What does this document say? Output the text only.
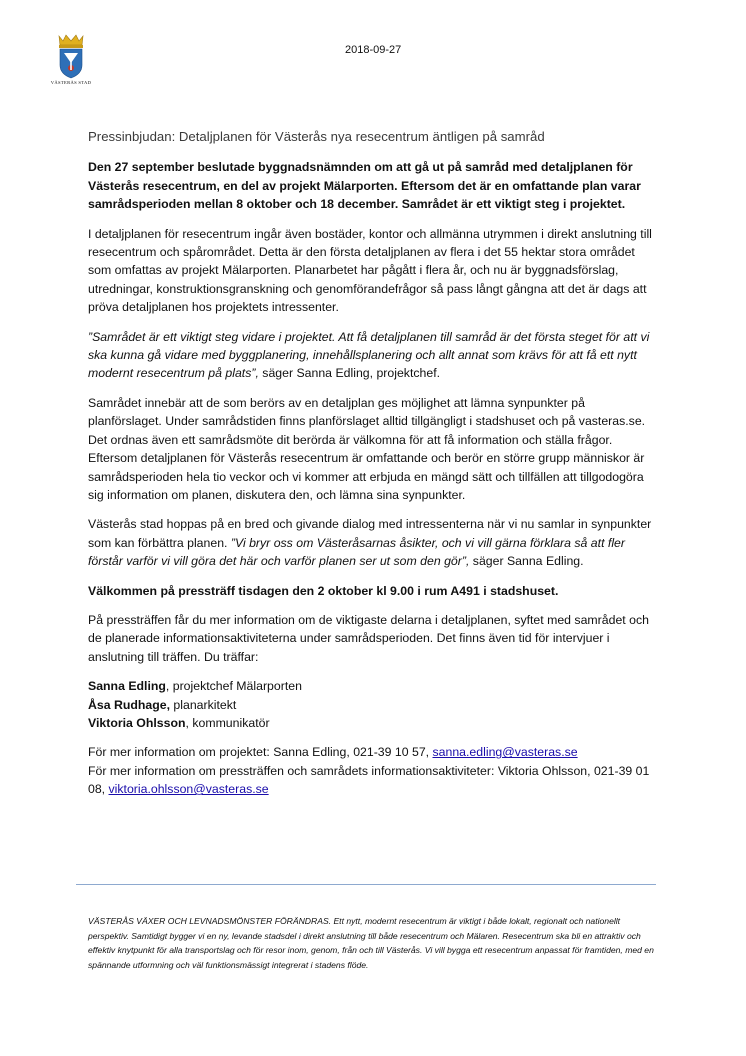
VÄSTERÅS STAD
2018-09-27

Pressinbjudan: Detaljplanen för Västerås nya resecentrum äntligen på samråd

Den 27 september beslutade byggnadsnämnden om att gå ut på samråd med detaljplanen för Västerås resecentrum, en del av projekt Mälarporten. Eftersom det är en omfattande plan varar samrådsperioden mellan 8 oktober och 18 december. Samrådet är ett viktigt steg i projektet.

I detaljplanen för resecentrum ingår även bostäder, kontor och allmänna utrymmen i direkt anslutning till resecentrum och spårområdet. Detta är den första detaljplanen av flera i det 55 hektar stora området som omfattas av projekt Mälarporten. Planarbetet har pågått i flera år, och nu är byggnadsförslag, utredningar, konstruktionsgranskning och genomförandefrågor så pass långt gångna att det är dags att pröva detaljplanen hos projektets intressenter.

”Samrådet är ett viktigt steg vidare i projektet. Att få detaljplanen till samråd är det första steget för att vi ska kunna gå vidare med byggplanering, innehållsplanering och allt annat som krävs för att få ett nytt modernt resecentrum på plats”, säger Sanna Edling, projektchef.

Samrådet innebär att de som berörs av en detaljplan ges möjlighet att lämna synpunkter på planförslaget. Under samrådstiden finns planförslaget alltid tillgängligt i stadshuset och på vasteras.se. Det ordnas även ett samrådsmöte dit berörda är välkomna för att få information och ställa frågor. Eftersom detaljplanen för Västerås resecentrum är omfattande och berör en större grupp människor är samrådsperioden hela tio veckor och vi kommer att erbjuda en mängd sätt och tillfällen att tillgodogöra sig information om planen, diskutera den, och lämna sina synpunkter.

Västerås stad hoppas på en bred och givande dialog med intressenterna när vi nu samlar in synpunkter som kan förbättra planen. ”Vi bryr oss om Västeråsarnas åsikter, och vi vill gärna förklara så att fler förstår varför vi vill göra det här och varför planen ser ut som den gör”, säger Sanna Edling.

Välkommen på pressträff tisdagen den 2 oktober kl 9.00 i rum A491 i stadshuset.

På pressträffen får du mer information om de viktigaste delarna i detaljplanen, syftet med samrådet och de planerade informationsaktiviteterna under samrådsperioden. Det finns även tid för intervjuer i anslutning till träffen. Du träffar:

Sanna Edling, projektchef Mälarporten

Åsa Rudhage, planarkitekt

Viktoria Ohlsson, kommunikatör

För mer information om projektet: Sanna Edling, 021-39 10 57, sanna.edling@vasteras.se

För mer information om pressträffen och samrådets informationsaktiviteter: Viktoria Ohlsson, 021-39 01 08, viktoria.ohlsson@vasteras.se

VÄSTERÅS VÄXER OCH LEVNADSMÖNSTER FÖRÄNDRAS. Ett nytt, modernt resecentrum är viktigt i både lokalt, regionalt och nationellt perspektiv. Samtidigt bygger vi en ny, levande stadsdel i direkt anslutning till både resecentrum och Mälaren. Resecentrum ska bli en attraktiv och effektiv knytpunkt för alla transportslag och för resor inom, genom, från och till Västerås. Vi vill bygga ett resecentrum anpassat för framtiden, med en spännande utformning och väl funktionsmässigt integrerat i stadens flöde.
